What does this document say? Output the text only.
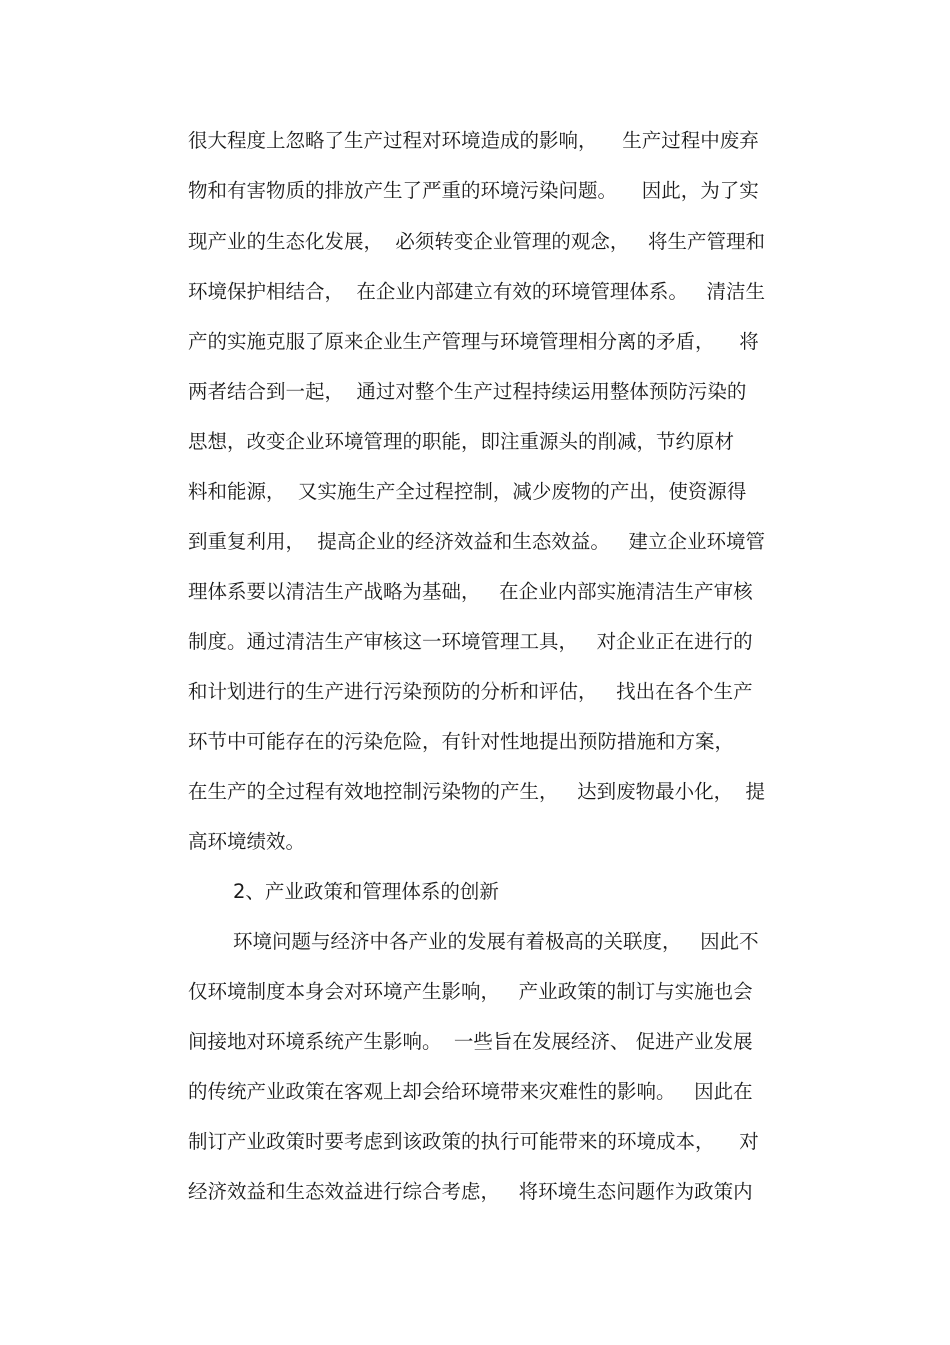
很大程度上忽略了生产过程对环境造成的影响，    生产过程中废弃
物和有害物质的排放产生了严重的环境污染问题。    因此，为了实
现产业的生态化发展，  必须转变企业管理的观念，   将生产管理和
环境保护相结合，  在企业内部建立有效的环境管理体系。   清洁生
产的实施克服了原来企业生产管理与环境管理相分离的矛盾，    将
两者结合到一起，  通过对整个生产过程持续运用整体预防污染的
思想，改变企业环境管理的职能，即注重源头的削减，节约原材
料和能源，  又实施生产全过程控制，减少废物的产出，使资源得
到重复利用，  提高企业的经济效益和生态效益。   建立企业环境管
理体系要以清洁生产战略为基础，   在企业内部实施清洁生产审核
制度。通过清洁生产审核这一环境管理工具，   对企业正在进行的
和计划进行的生产进行污染预防的分析和评估，   找出在各个生产
环节中可能存在的污染危险，有针对性地提出预防措施和方案，
在生产的全过程有效地控制污染物的产生，   达到废物最小化，  提
高环境绩效。
2、产业政策和管理体系的创新
环境问题与经济中各产业的发展有着极高的关联度，   因此不
仅环境制度本身会对环境产生影响，   产业政策的制订与实施也会
间接地对环境系统产生影响。  一些旨在发展经济、 促进产业发展
的传统产业政策在客观上却会给环境带来灾难性的影响。   因此在
制订产业政策时要考虑到该政策的执行可能带来的环境成本，    对
经济效益和生态效益进行综合考虑，   将环境生态问题作为政策内
